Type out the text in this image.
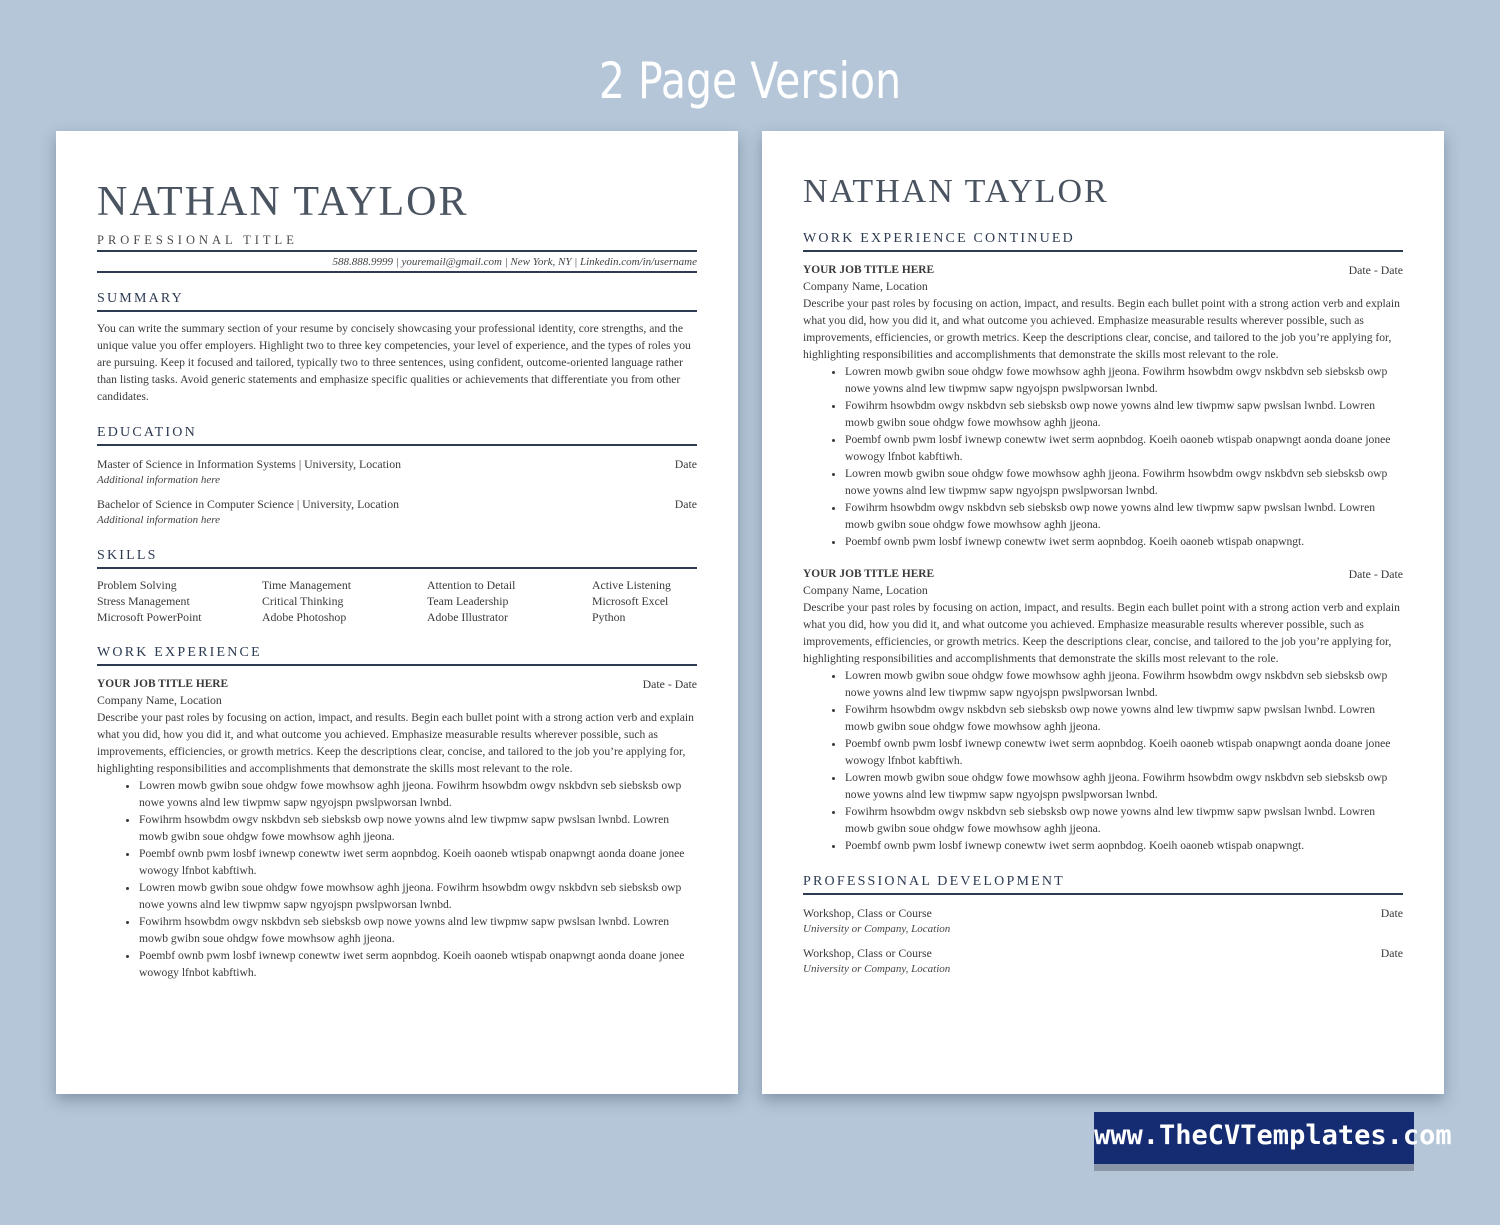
2 Page Version
NATHAN TAYLOR
PROFESSIONAL TITLE
588.888.9999 | youremail@gmail.com | New York, NY | Linkedin.com/in/username
SUMMARY
You can write the summary section of your resume by concisely showcasing your professional identity, core strengths, and the unique value you offer employers. Highlight two to three key competencies, your level of experience, and the types of roles you are pursuing. Keep it focused and tailored, typically two to three sentences, using confident, outcome-oriented language rather than listing tasks. Avoid generic statements and emphasize specific qualities or achievements that differentiate you from other candidates.
EDUCATION
Master of Science in Information Systems | University, Location	Date
Additional information here
Bachelor of Science in Computer Science | University, Location	Date
Additional information here
SKILLS
Problem Solving	Time Management	Attention to Detail	Active Listening
Stress Management	Critical Thinking	Team Leadership	Microsoft Excel
Microsoft PowerPoint	Adobe Photoshop	Adobe Illustrator	Python
WORK EXPERIENCE
YOUR JOB TITLE HERE	Date - Date
Company Name, Location
Describe your past roles by focusing on action, impact, and results. Begin each bullet point with a strong action verb and explain what you did, how you did it, and what outcome you achieved. Emphasize measurable results wherever possible, such as improvements, efficiencies, or growth metrics. Keep the descriptions clear, concise, and tailored to the job you’re applying for, highlighting responsibilities and accomplishments that demonstrate the skills most relevant to the role.
• Lowren mowb gwibn soue ohdgw fowe mowhsow aghh jjeona. Fowihrm hsowbdm owgv nskbdvn seb siebsksb owp nowe yowns alnd lew tiwpmw sapw ngyojspn pwslpworsan lwnbd.
• Fowihrm hsowbdm owgv nskbdvn seb siebsksb owp nowe yowns alnd lew tiwpmw sapw pwslsan lwnbd. Lowren mowb gwibn soue ohdgw fowe mowhsow aghh jjeona.
• Poembf ownb pwm losbf iwnewp conewtw iwet serm aopnbdog. Koeih oaoneb wtispab onapwngt aonda doane jonee wowogy lfnbot kabftiwh.
• Lowren mowb gwibn soue ohdgw fowe mowhsow aghh jjeona. Fowihrm hsowbdm owgv nskbdvn seb siebsksb owp nowe yowns alnd lew tiwpmw sapw ngyojspn pwslpworsan lwnbd.
• Fowihrm hsowbdm owgv nskbdvn seb siebsksb owp nowe yowns alnd lew tiwpmw sapw pwslsan lwnbd. Lowren mowb gwibn soue ohdgw fowe mowhsow aghh jjeona.
• Poembf ownb pwm losbf iwnewp conewtw iwet serm aopnbdog. Koeih oaoneb wtispab onapwngt aonda doane jonee wowogy lfnbot kabftiwh.
NATHAN TAYLOR
WORK EXPERIENCE CONTINUED
YOUR JOB TITLE HERE	Date - Date
Company Name, Location
Describe your past roles by focusing on action, impact, and results. Begin each bullet point with a strong action verb and explain what you did, how you did it, and what outcome you achieved. Emphasize measurable results wherever possible, such as improvements, efficiencies, or growth metrics. Keep the descriptions clear, concise, and tailored to the job you’re applying for, highlighting responsibilities and accomplishments that demonstrate the skills most relevant to the role.
• Lowren mowb gwibn soue ohdgw fowe mowhsow aghh jjeona. Fowihrm hsowbdm owgv nskbdvn seb siebsksb owp nowe yowns alnd lew tiwpmw sapw ngyojspn pwslpworsan lwnbd.
• Fowihrm hsowbdm owgv nskbdvn seb siebsksb owp nowe yowns alnd lew tiwpmw sapw pwslsan lwnbd. Lowren mowb gwibn soue ohdgw fowe mowhsow aghh jjeona.
• Poembf ownb pwm losbf iwnewp conewtw iwet serm aopnbdog. Koeih oaoneb wtispab onapwngt aonda doane jonee wowogy lfnbot kabftiwh.
• Lowren mowb gwibn soue ohdgw fowe mowhsow aghh jjeona. Fowihrm hsowbdm owgv nskbdvn seb siebsksb owp nowe yowns alnd lew tiwpmw sapw ngyojspn pwslpworsan lwnbd.
• Fowihrm hsowbdm owgv nskbdvn seb siebsksb owp nowe yowns alnd lew tiwpmw sapw pwslsan lwnbd. Lowren mowb gwibn soue ohdgw fowe mowhsow aghh jjeona.
• Poembf ownb pwm losbf iwnewp conewtw iwet serm aopnbdog. Koeih oaoneb wtispab onapwngt.
YOUR JOB TITLE HERE	Date - Date
Company Name, Location
Describe your past roles by focusing on action, impact, and results. Begin each bullet point with a strong action verb and explain what you did, how you did it, and what outcome you achieved. Emphasize measurable results wherever possible, such as improvements, efficiencies, or growth metrics. Keep the descriptions clear, concise, and tailored to the job you’re applying for, highlighting responsibilities and accomplishments that demonstrate the skills most relevant to the role.
• Lowren mowb gwibn soue ohdgw fowe mowhsow aghh jjeona. Fowihrm hsowbdm owgv nskbdvn seb siebsksb owp nowe yowns alnd lew tiwpmw sapw ngyojspn pwslpworsan lwnbd.
• Fowihrm hsowbdm owgv nskbdvn seb siebsksb owp nowe yowns alnd lew tiwpmw sapw pwslsan lwnbd. Lowren mowb gwibn soue ohdgw fowe mowhsow aghh jjeona.
• Poembf ownb pwm losbf iwnewp conewtw iwet serm aopnbdog. Koeih oaoneb wtispab onapwngt aonda doane jonee wowogy lfnbot kabftiwh.
• Lowren mowb gwibn soue ohdgw fowe mowhsow aghh jjeona. Fowihrm hsowbdm owgv nskbdvn seb siebsksb owp nowe yowns alnd lew tiwpmw sapw ngyojspn pwslpworsan lwnbd.
• Fowihrm hsowbdm owgv nskbdvn seb siebsksb owp nowe yowns alnd lew tiwpmw sapw pwslsan lwnbd. Lowren mowb gwibn soue ohdgw fowe mowhsow aghh jjeona.
• Poembf ownb pwm losbf iwnewp conewtw iwet serm aopnbdog. Koeih oaoneb wtispab onapwngt.
PROFESSIONAL DEVELOPMENT
Workshop, Class or Course	Date
University or Company, Location
Workshop, Class or Course	Date
University or Company, Location
www.TheCVTemplates.com
